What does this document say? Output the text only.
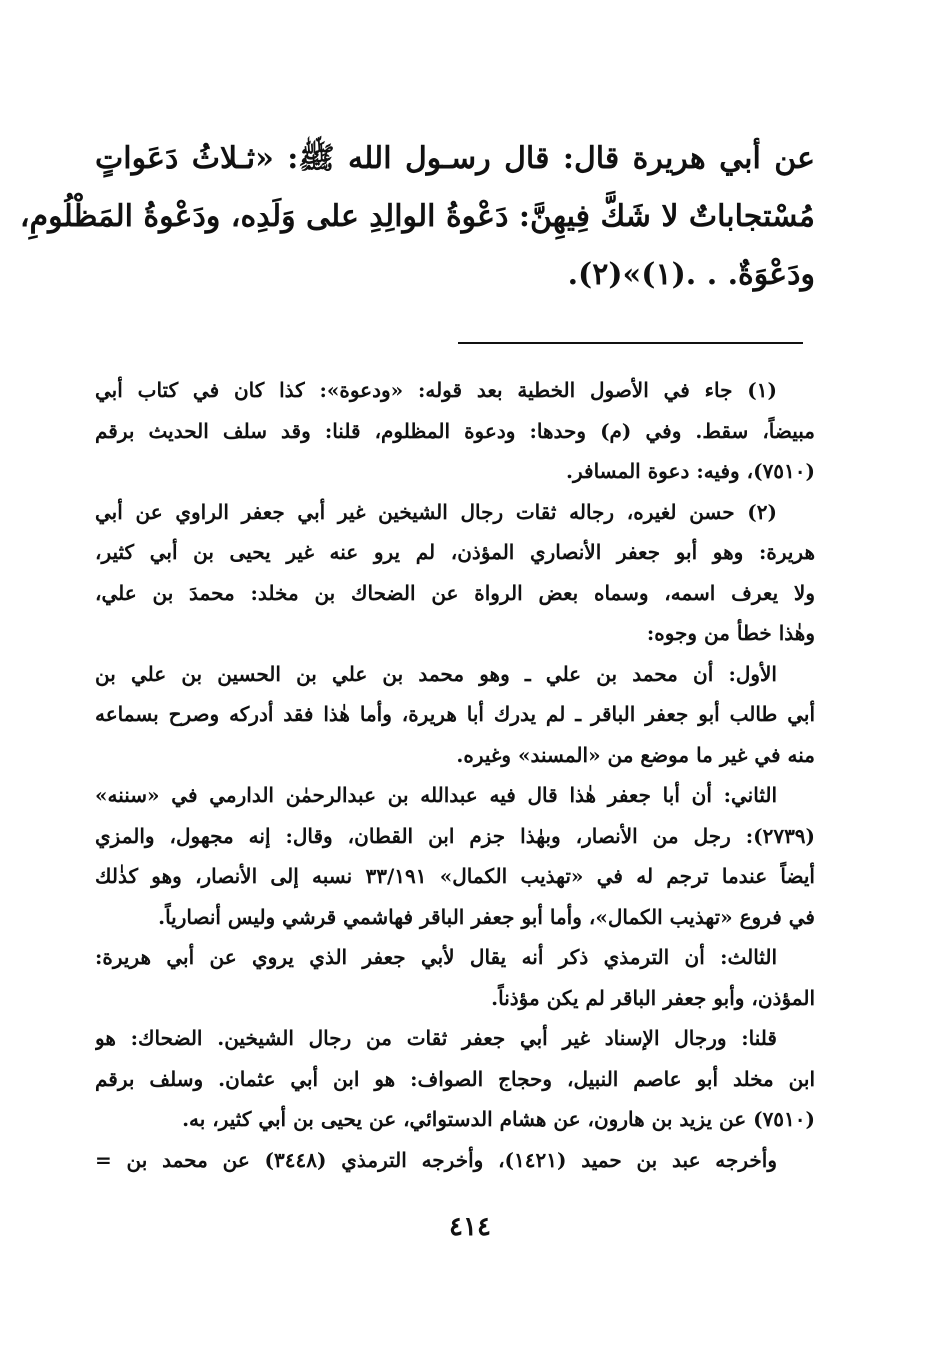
عن أبي هريرة قال: قال رسـول الله ﷺ: «ثـلاثُ دَعَواتٍ
مُسْتجاباتٌ لا شَكَّ فِيهِنَّ: دَعْوةُ الوالِدِ على وَلَدِه، ودَعْوةُ المَظْلُومِ،
ودَعْوَةٌ. . .(١)»(٢).
(١) جاء في الأصول الخطية بعد قوله: «ودعوة»: كذا كان في كتاب أبي
مبيضاً، سقط. وفي (م) وحدها: ودعوة المظلوم، قلنا: وقد سلف الحديث برقم
(٧٥١٠)، وفيه: دعوة المسافر.
(٢) حسن لغيره، رجاله ثقات رجال الشيخين غير أبي جعفر الراوي عن أبي
هريرة: وهو أبو جعفر الأنصاري المؤذن، لم يرو عنه غير يحيى بن أبي كثير،
ولا يعرف اسمه، وسماه بعض الرواة عن الضحاك بن مخلد: محمدَ بن علي،
وهٰذا خطأ من وجوه:
الأول: أن محمد بن علي ـ وهو محمد بن علي بن الحسين بن علي بن
أبي طالب أبو جعفر الباقر ـ لم يدرك أبا هريرة، وأما هٰذا فقد أدركه وصرح بسماعه
منه في غير ما موضع من «المسند» وغيره.
الثاني: أن أبا جعفر هٰذا قال فيه عبدالله بن عبدالرحمٰن الدارمي في «سننه»
(٢٧٣٩): رجل من الأنصار، وبهٰذا جزم ابن القطان، وقال: إنه مجهول، والمزي
أيضاً عندما ترجم له في «تهذيب الكمال» ٣٣/١٩١ نسبه إلى الأنصار، وهو كذٰلك
في فروع «تهذيب الكمال»، وأما أبو جعفر الباقر فهاشمي قرشي وليس أنصارياً.
الثالث: أن الترمذي ذكر أنه يقال لأبي جعفر الذي يروي عن أبي هريرة:
المؤذن، وأبو جعفر الباقر لم يكن مؤذناً.
قلنا: ورجال الإسناد غير أبي جعفر ثقات من رجال الشيخين. الضحاك: هو
ابن مخلد أبو عاصم النبيل، وحجاج الصواف: هو ابن أبي عثمان. وسلف برقم
(٧٥١٠) عن يزيد بن هارون، عن هشام الدستوائي، عن يحيى بن أبي كثير، به.
وأخرجه عبد بن حميد (١٤٢١)، وأخرجه الترمذي (٣٤٤٨) عن محمد بن =
٤١٤
